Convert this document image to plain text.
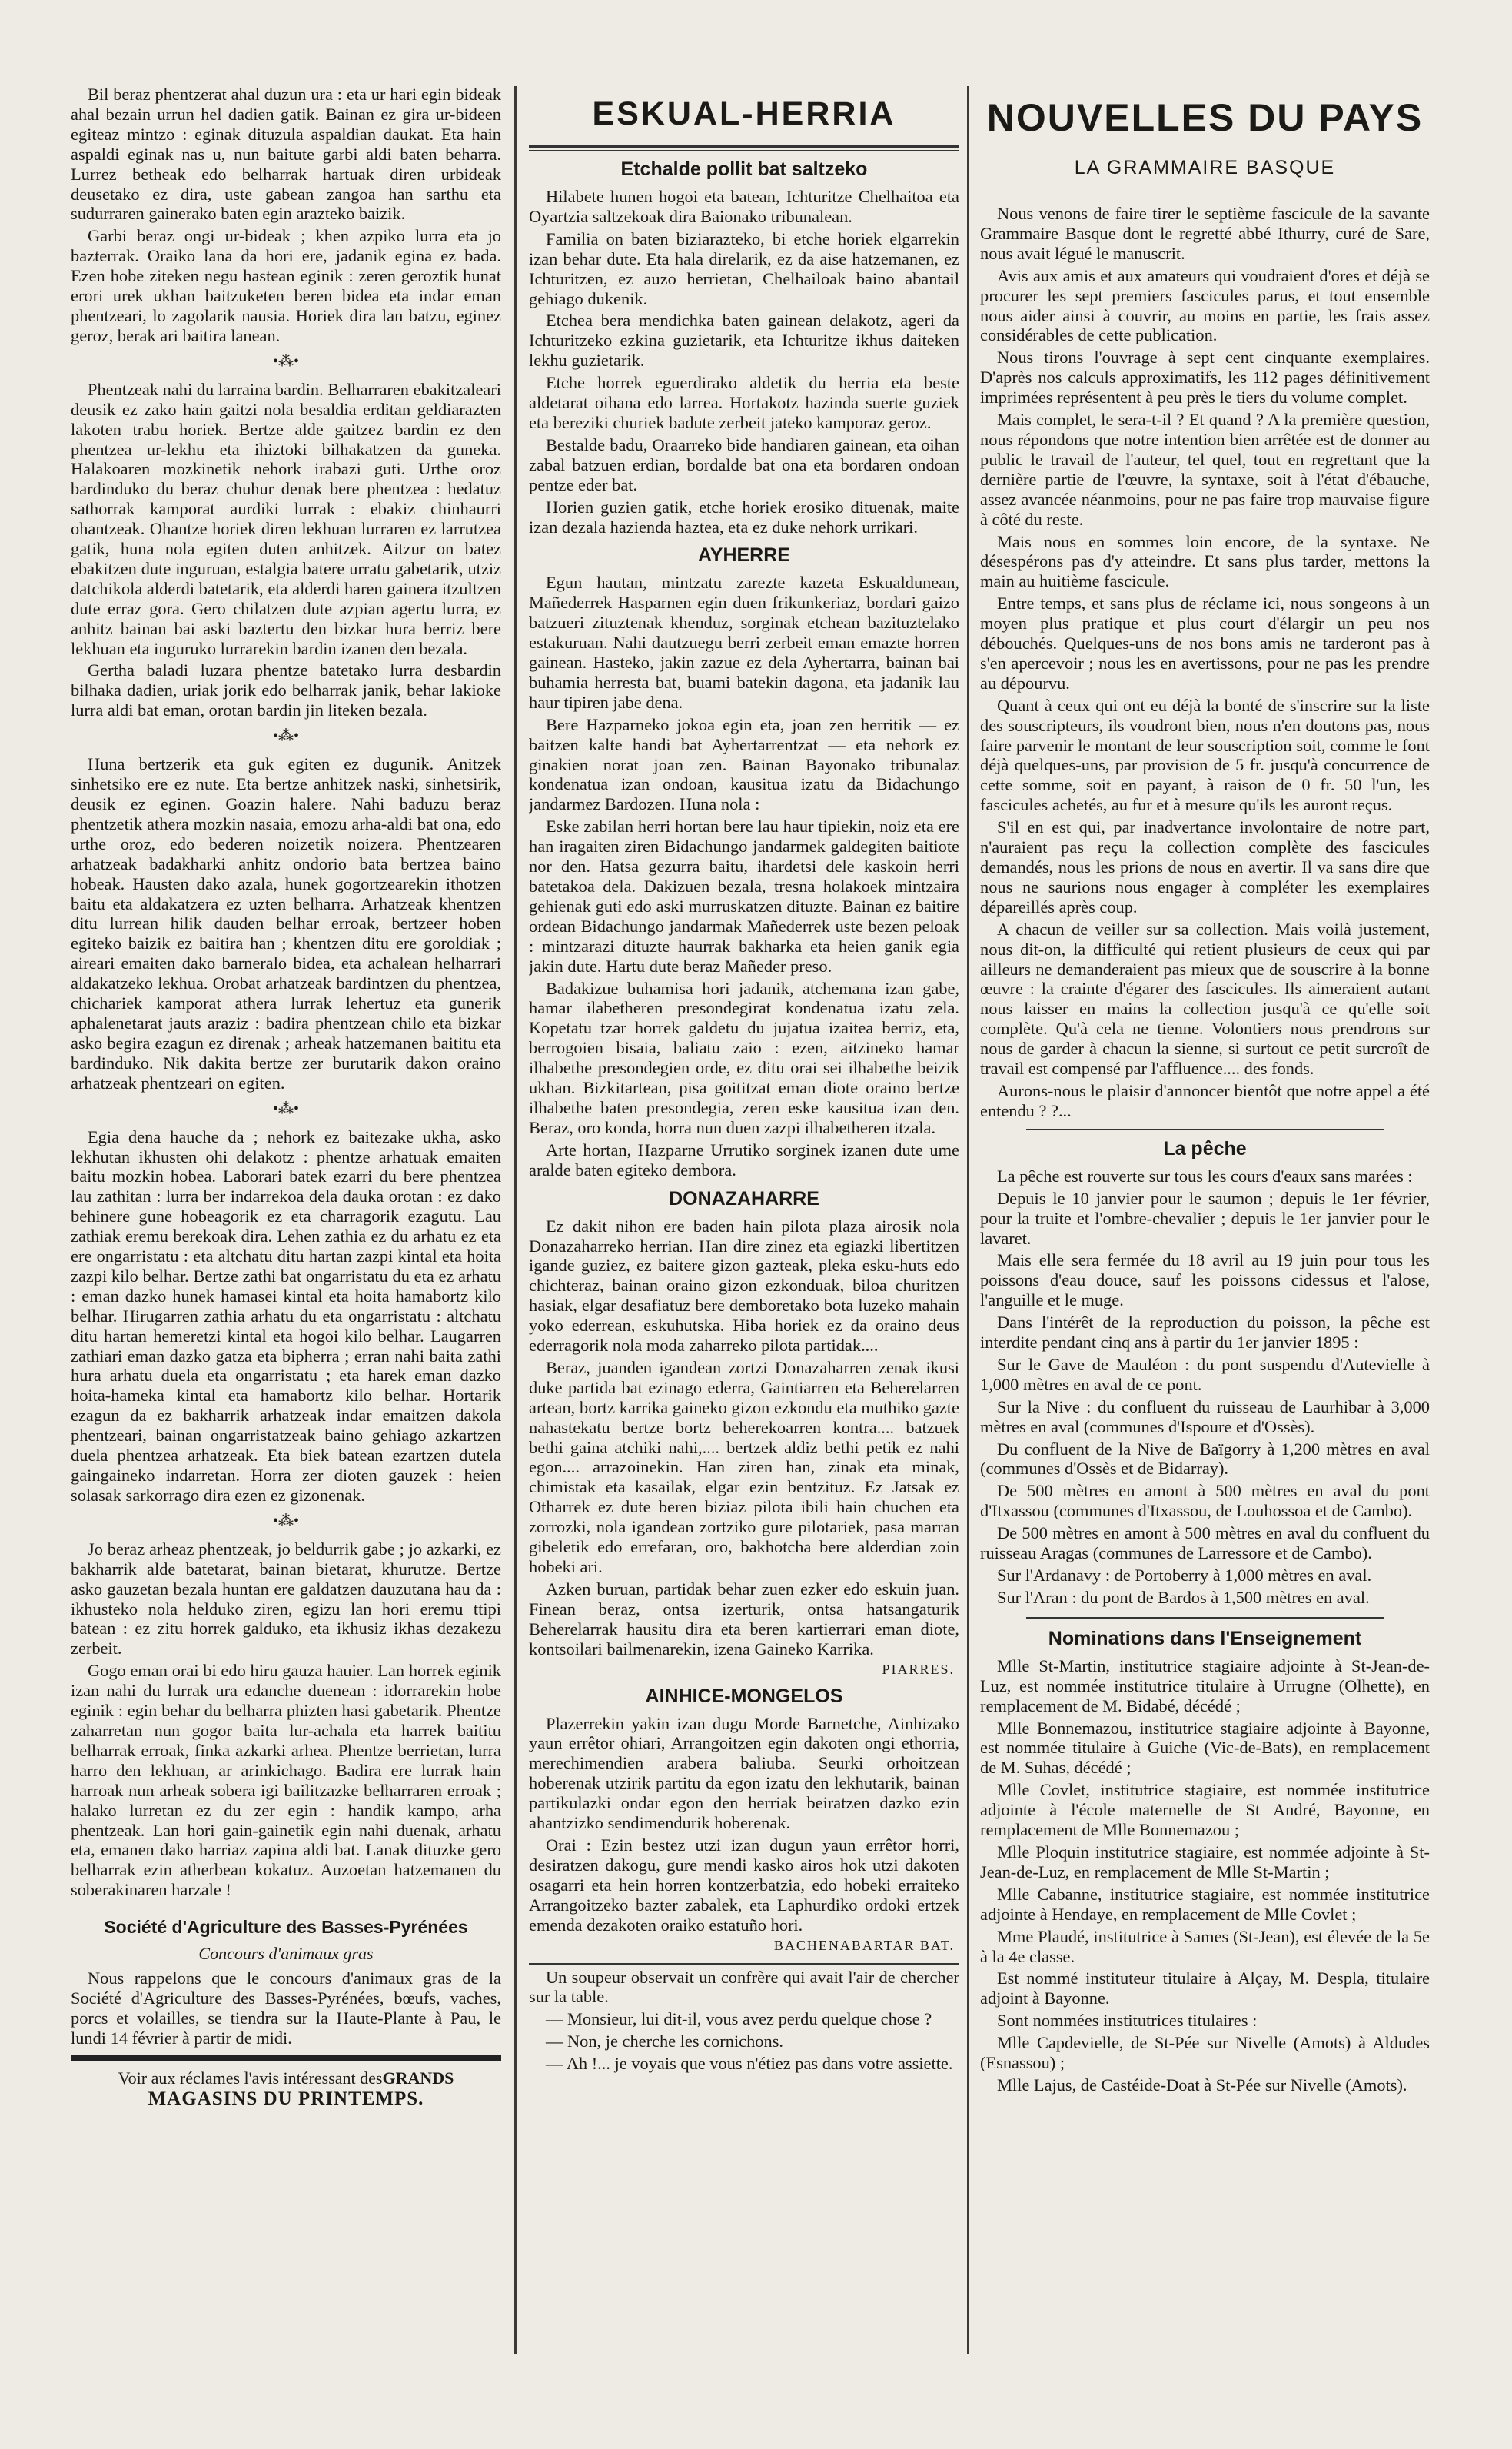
Bil beraz phentzerat ahal duzun ura : eta ur hari egin bideak ahal bezain urrun hel dadien gatik. Bainan ez gira ur-bideen egiteaz mintzo : eginak dituzula aspaldian daukat. Eta hain aspaldi eginak nas u, nun baitute garbi aldi baten beharra. Lurrez betheak edo belharrak hartuak diren urbideak deusetako ez dira, uste gabean zangoa han sarthu eta sudurraren gainerako baten egin arazteko baizik.

Garbi beraz ongi ur-bideak ; khen azpiko lurra eta jo bazterrak. Oraiko lana da hori ere, jadanik egina ez bada. Ezen hobe ziteken negu hastean eginik : zeren geroztik hunat erori urek ukhan baitzuketen beren bidea eta indar eman phentzeari, lo zagolarik nausia. Horiek dira lan batzu, eginez geroz, berak ari baitira lanean.

•⁂•

Phentzeak nahi du larraina bardin. Belharraren ebakitzaleari deusik ez zako hain gaitzi nola besaldia erditan geldiarazten lakoten trabu horiek. Bertze alde gaitzez bardin ez den phentzea ur-lekhu eta ihiztoki bilhakatzen da guneka. Halakoaren mozkinetik nehork irabazi guti. Urthe oroz bardinduko du beraz chuhur denak bere phentzea : hedatuz sathorrak kamporat aurdiki lurrak : ebakiz chinhaurri ohantzeak. Ohantze horiek diren lekhuan lurraren ez larrutzea gatik, huna nola egiten duten anhitzek. Aitzur on batez ebakitzen dute inguruan, estalgia batere urratu gabetarik, utziz datchikola alderdi batetarik, eta alderdi haren gainera itzultzen dute erraz gora. Gero chilatzen dute azpian agertu lurra, ez anhitz bainan bai aski baztertu den bizkar hura berriz bere lekhuan eta inguruko lurrarekin bardin izanen den bezala.

Gertha baladi luzara phentze batetako lurra desbardin bilhaka dadien, uriak jorik edo belharrak janik, behar lakioke lurra aldi bat eman, orotan bardin jin liteken bezala.

•⁂•

Huna bertzerik eta guk egiten ez dugunik. Anitzek sinhetsiko ere ez nute. Eta bertze anhitzek naski, sinhetsirik, deusik ez eginen. Goazin halere. Nahi baduzu beraz phentzetik athera mozkin nasaia, emozu arha-aldi bat ona, edo urthe oroz, edo bederen noizetik noizera. Phentzearen arhatzeak badakharki anhitz ondorio bata bertzea baino hobeak. Hausten dako azala, hunek gogortzearekin ithotzen baitu eta aldakatzera ez uzten belharra. Arhatzeak khentzen ditu lurrean hilik dauden belhar erroak, bertzeer hoben egiteko baizik ez baitira han ; khentzen ditu ere goroldiak ; aireari emaiten dako barneralo bidea, eta achalean helharrari aldakatzeko lekhua. Orobat arhatzeak bardintzen du phentzea, chichariek kamporat athera lurrak lehertuz eta gunerik aphalenetarat jauts araziz : badira phentzean chilo eta bizkar asko begira ezagun ez direnak ; arheak hatzemanen baititu eta bardinduko. Nik dakita bertze zer burutarik dakon oraino arhatzeak phentzeari on egiten.

•⁂•

Egia dena hauche da ; nehork ez baitezake ukha, asko lekhutan ikhusten ohi delakotz : phentze arhatuak emaiten baitu mozkin hobea. Laborari batek ezarri du bere phentzea lau zathitan : lurra ber indarrekoa dela dauka orotan : ez dako behinere gune hobeagorik ez eta charragorik ezagutu. Lau zathiak eremu berekoak dira. Lehen zathia ez du arhatu ez eta ere ongarristatu : eta altchatu ditu hartan zazpi kintal eta hoita zazpi kilo belhar. Bertze zathi bat ongarristatu du eta ez arhatu : eman dazko hunek hamasei kintal eta hoita hamabortz kilo belhar. Hirugarren zathia arhatu du eta ongarristatu : altchatu ditu hartan hemeretzi kintal eta hogoi kilo belhar. Laugarren zathiari eman dazko gatza eta bipherra ; erran nahi baita zathi hura arhatu duela eta ongarristatu ; eta harek eman dazko hoita-hameka kintal eta hamabortz kilo belhar. Hortarik ezagun da ez bakharrik arhatzeak indar emaitzen dakola phentzeari, bainan ongarristatzeak baino gehiago azkartzen duela phentzea arhatzeak. Eta biek batean ezartzen dutela gaingaineko indarretan. Horra zer dioten gauzek : heien solasak sarkorrago dira ezen ez gizonenak.

•⁂•

Jo beraz arheaz phentzeak, jo beldurrik gabe ; jo azkarki, ez bakharrik alde batetarat, bainan bietarat, khurutze. Bertze asko gauzetan bezala huntan ere galdatzen dauzutana hau da : ikhusteko nola helduko ziren, egizu lan hori eremu ttipi batean : ez zitu horrek galduko, eta ikhusiz ikhas dezakezu zerbeit.

Gogo eman orai bi edo hiru gauza hauier. Lan horrek eginik izan nahi du lurrak ura edanche duenean : idorrarekin hobe eginik : egin behar du belharra phizten hasi gabetarik. Phentze zaharretan nun gogor baita lur-achala eta harrek baititu belharrak erroak, finka azkarki arhea. Phentze berrietan, lurra harro den lekhuan, ar arinkichago. Badira ere lurrak hain harroak nun arheak sobera igi bailitzazke belharraren erroak ; halako lurretan ez du zer egin : handik kampo, arha phentzeak. Lan hori gain-gainetik egin nahi duenak, arhatu eta, emanen dako harriaz zapina aldi bat. Lanak dituzke gero belharrak ezin atherbean kokatuz. Auzoetan hatzemanen du soberakinaren harzale !

Société d'Agriculture des Basses-Pyrénées
Concours d'animaux gras

Nous rappelons que le concours d'animaux gras de la Société d'Agriculture des Basses-Pyrénées, bœufs, vaches, porcs et volailles, se tiendra sur la Haute-Plante à Pau, le lundi 14 février à partir de midi.

Voir aux réclames l'avis intéressant desGRANDS
MAGASINS DU PRINTEMPS.
ESKUAL-HERRIA
Etchalde pollit bat saltzeko

Hilabete hunen hogoi eta batean, Ichturitze Chelhaitoa eta Oyartzia saltzekoak dira Baionako tribunalean.

Familia on baten biziarazteko, bi etche horiek elgarrekin izan behar dute. Eta hala direlarik, ez da aise hatzemanen, ez Ichturitzen, ez auzo herrietan, Chelhailoak baino abantail gehiago dukenik.

Etchea bera mendichka baten gainean delakotz, ageri da Ichturitzeko ezkina guzietarik, eta Ichturitze ikhus daiteken lekhu guzietarik.

Etche horrek eguerdirako aldetik du herria eta beste aldetarat oihana edo larrea. Hortakotz hazinda suerte guziek eta bereziki churiek badute zerbeit jateko kamporaz geroz.

Bestalde badu, Oraarreko bide handiaren gainean, eta oihan zabal batzuen erdian, bordalde bat ona eta bordaren ondoan pentze eder bat.

Horien guzien gatik, etche horiek erosiko dituenak, maite izan dezala hazienda haztea, eta ez duke nehork urrikari.

AYHERRE

Egun hautan, mintzatu zarezte kazeta Eskualdunean, Mañederrek Hasparnen egin duen frikunkeriaz, bordari gaizo batzueri zituztenak khenduz, sorginak etchean bazituztelako estakuruan. Nahi dautzuegu berri zerbeit eman emazte horren gainean. Hasteko, jakin zazue ez dela Ayhertarra, bainan bai buhamia herresta bat, buami batekin dagona, eta jadanik lau haur tipiren jabe dena.

Bere Hazparneko jokoa egin eta, joan zen herritik — ez baitzen kalte handi bat Ayhertarrentzat — eta nehork ez ginakien norat joan zen. Bainan Bayonako tribunalaz kondenatua izan ondoan, kausitua izatu da Bidachungo jandarmez Bardozen. Huna nola :

Eske zabilan herri hortan bere lau haur tipiekin, noiz eta ere han iragaiten ziren Bidachungo jandarmek galdegiten baitiote nor den. Hatsa gezurra baitu, ihardetsi dele kaskoin herri batetakoa dela. Dakizuen bezala, tresna holakoek mintzaira gehienak guti edo aski murruskatzen dituzte. Bainan ez baitire ordean Bidachungo jandarmak Mañederrek uste bezen peloak : mintzarazi dituzte haurrak bakharka eta heien ganik egia jakin dute. Hartu dute beraz Mañeder preso.

Badakizue buhamisa hori jadanik, atchemana izan gabe, hamar ilabetheren presondegirat kondenatua izatu zela. Kopetatu tzar horrek galdetu du jujatua izaitea berriz, eta, berrogoien bisaia, baliatu zaio : ezen, aitzineko hamar ilhabethe presondegien orde, ez ditu orai sei ilhabethe beizik ukhan. Bizkitartean, pisa goititzat eman diote oraino bertze ilhabethe baten presondegia, zeren eske kausitua izan den. Beraz, oro konda, horra nun duen zazpi ilhabetheren itzala.

Arte hortan, Hazparne Urrutiko sorginek izanen dute ume aralde baten egiteko dembora.

DONAZAHARRE

Ez dakit nihon ere baden hain pilota plaza airosik nola Donazaharreko herrian. Han dire zinez eta egiazki libertitzen igande guziez, ez baitere gizon gazteak, pleka esku-huts edo chichteraz, bainan oraino gizon ezkonduak, biloa churitzen hasiak, elgar desafiatuz bere demboretako bota luzeko mahain yoko ederrean, eskuhutska. Hiba horiek ez da oraino deus ederragorik nola moda zaharreko pilota partidak....

Beraz, juanden igandean zortzi Donazaharren zenak ikusi duke partida bat ezinago ederra, Gaintiarren eta Beherelarren artean, bortz karrika gaineko gizon ezkondu eta muthiko gazte nahastekatu bertze bortz beherekoarren kontra.... batzuek bethi gaina atchiki nahi,.... bertzek aldiz bethi petik ez nahi egon.... arrazoinekin. Han ziren han, zinak eta minak, chimistak eta kasailak, elgar ezin bentzituz. Ez Jatsak ez Otharrek ez dute beren biziaz pilota ibili hain chuchen eta zorrozki, nola igandean zortziko gure pilotariek, pasa marran gibeletik edo errefaran, oro, bakhotcha bere alderdian zoin hobeki ari.

Azken buruan, partidak behar zuen ezker edo eskuin juan. Finean beraz, ontsa izerturik, ontsa hatsangaturik Beherelarrak hausitu dira eta beren kartierrari eman diote, kontsoilari bailmenarekin, izena Gaineko Karrika.

PIARRES.
AINHICE-MONGELOS

Plazerrekin yakin izan dugu Morde Barnetche, Ainhizako yaun errêtor ohiari, Arrangoitzen egin dakoten ongi ethorria, merechimendien arabera baliuba. Seurki orhoitzean hoberenak utzirik partitu da egon izatu den lekhutarik, bainan partikulazki ondar egon den herriak beiratzen dazko ezin ahantzizko sendimendurik hoberenak.

Orai : Ezin bestez utzi izan dugun yaun errêtor horri, desiratzen dakogu, gure mendi kasko airos hok utzi dakoten osagarri eta hein horren kontzerbatzia, edo hobeki erraiteko Arrangoitzeko bazter zabalek, eta Laphurdiko ordoki ertzek emenda dezakoten oraiko estatuño hori.

BACHENABARTAR BAT.

Un soupeur observait un confrère qui avait l'air de chercher sur la table.

— Monsieur, lui dit-il, vous avez perdu quelque chose ?

— Non, je cherche les cornichons.

— Ah !... je voyais que vous n'étiez pas dans votre assiette.

NOUVELLES DU PAYS
LA GRAMMAIRE BASQUE

Nous venons de faire tirer le septième fascicule de la savante Grammaire Basque dont le regretté abbé Ithurry, curé de Sare, nous avait légué le manuscrit.

Avis aux amis et aux amateurs qui voudraient d'ores et déjà se procurer les sept premiers fascicules parus, et tout ensemble nous aider ainsi à couvrir, au moins en partie, les frais assez considérables de cette publication.

Nous tirons l'ouvrage à sept cent cinquante exemplaires. D'après nos calculs approximatifs, les 112 pages définitivement imprimées représentent à peu près le tiers du volume complet.

Mais complet, le sera-t-il ? Et quand ? A la première question, nous répondons que notre intention bien arrêtée est de donner au public le travail de l'auteur, tel quel, tout en regrettant que la dernière partie de l'œuvre, la syntaxe, soit à l'état d'ébauche, assez avancée néanmoins, pour ne pas faire trop mauvaise figure à côté du reste.

Mais nous en sommes loin encore, de la syntaxe. Ne désespérons pas d'y atteindre. Et sans plus tarder, mettons la main au huitième fascicule.

Entre temps, et sans plus de réclame ici, nous songeons à un moyen plus pratique et plus court d'élargir un peu nos débouchés. Quelques-uns de nos bons amis ne tarderont pas à s'en apercevoir ; nous les en avertissons, pour ne pas les prendre au dépourvu.

Quant à ceux qui ont eu déjà la bonté de s'inscrire sur la liste des souscripteurs, ils voudront bien, nous n'en doutons pas, nous faire parvenir le montant de leur souscription soit, comme le font déjà quelques-uns, par provision de 5 fr. jusqu'à concurrence de cette somme, soit en payant, à raison de 0 fr. 50 l'un, les fascicules achetés, au fur et à mesure qu'ils les auront reçus.

S'il en est qui, par inadvertance involontaire de notre part, n'auraient pas reçu la collection complète des fascicules demandés, nous les prions de nous en avertir. Il va sans dire que nous ne saurions nous engager à compléter les exemplaires dépareillés après coup.

A chacun de veiller sur sa collection. Mais voilà justement, nous dit-on, la difficulté qui retient plusieurs de ceux qui par ailleurs ne demanderaient pas mieux que de souscrire à la bonne œuvre : la crainte d'égarer des fascicules. Ils aimeraient autant nous laisser en mains la collection jusqu'à ce qu'elle soit complète. Qu'à cela ne tienne. Volontiers nous prendrons sur nous de garder à chacun la sienne, si surtout ce petit surcroît de travail est compensé par l'affluence.... des fonds.

Aurons-nous le plaisir d'annoncer bientôt que notre appel a été entendu ? ?...

La pêche

La pêche est rouverte sur tous les cours d'eaux sans marées :

Depuis le 10 janvier pour le saumon ; depuis le 1er février, pour la truite et l'ombre-chevalier ; depuis le 1er janvier pour le lavaret.

Mais elle sera fermée du 18 avril au 19 juin pour tous les poissons d'eau douce, sauf les poissons cidessus et l'alose, l'anguille et le muge.

Dans l'intérêt de la reproduction du poisson, la pêche est interdite pendant cinq ans à partir du 1er janvier 1895 :

Sur le Gave de Mauléon : du pont suspendu d'Autevielle à 1,000 mètres en aval de ce pont.

Sur la Nive : du confluent du ruisseau de Laurhibar à 3,000 mètres en aval (communes d'Ispoure et d'Ossès).

Du confluent de la Nive de Baïgorry à 1,200 mètres en aval (communes d'Ossès et de Bidarray).

De 500 mètres en amont à 500 mètres en aval du pont d'Itxassou (communes d'Itxassou, de Louhossoa et de Cambo).

De 500 mètres en amont à 500 mètres en aval du confluent du ruisseau Aragas (communes de Larressore et de Cambo).

Sur l'Ardanavy : de Portoberry à 1,000 mètres en aval.

Sur l'Aran : du pont de Bardos à 1,500 mètres en aval.

Nominations dans l'Enseignement

Mlle St-Martin, institutrice stagiaire adjointe à St-Jean-de-Luz, est nommée institutrice titulaire à Urrugne (Olhette), en remplacement de M. Bidabé, décédé ;

Mlle Bonnemazou, institutrice stagiaire adjointe à Bayonne, est nommée titulaire à Guiche (Vic-de-Bats), en remplacement de M. Suhas, décédé ;

Mlle Covlet, institutrice stagiaire, est nommée institutrice adjointe à l'école maternelle de St André, Bayonne, en remplacement de Mlle Bonnemazou ;

Mlle Ploquin institutrice stagiaire, est nommée adjointe à St-Jean-de-Luz, en remplacement de Mlle St-Martin ;

Mlle Cabanne, institutrice stagiaire, est nommée institutrice adjointe à Hendaye, en remplacement de Mlle Covlet ;

Mme Plaudé, institutrice à Sames (St-Jean), est élevée de la 5e à la 4e classe.

Est nommé instituteur titulaire à Alçay, M. Despla, titulaire adjoint à Bayonne.

Sont nommées institutrices titulaires :

Mlle Capdevielle, de St-Pée sur Nivelle (Amots) à Aldudes (Esnassou) ;

Mlle Lajus, de Castéide-Doat à St-Pée sur Nivelle (Amots).
